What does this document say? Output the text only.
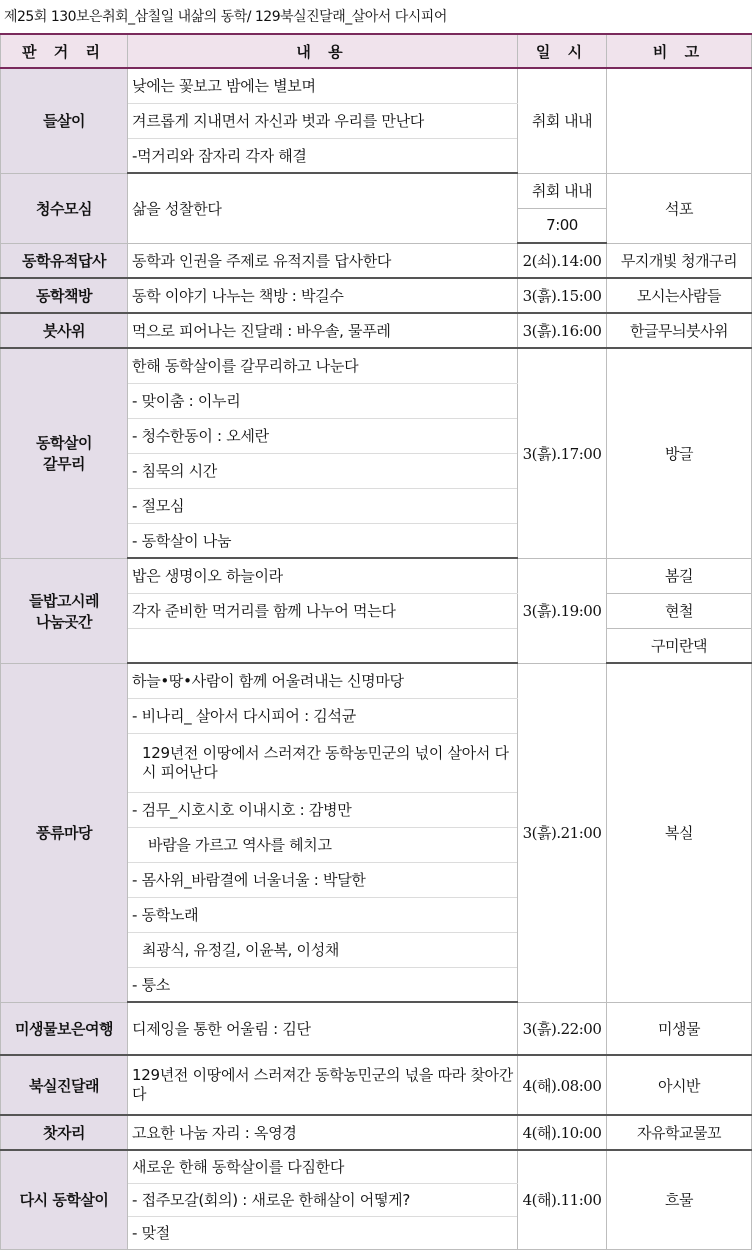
제25회 130보은취회_삼칠일 내삶의 동학/ 129북실진달래_살아서 다시피어
판 거 리	내 용	일 시	비 고
들살이	낮에는 꽃보고 밤에는 별보며	취회 내내	
	겨르롭게 지내면서 자신과 벗과 우리를 만난다		
	-먹거리와 잠자리 각자 해결		
청수모심	삶을 성찰한다	취회 내내	석포
		7:00	
동학유적답사	동학과 인권을 주제로 유적지를 답사한다	2(쇠).14:00	무지개빛 청개구리
동학책방	동학 이야기 나누는 책방 : 박길수	3(흙).15:00	모시는사람들
붓사위	먹으로 피어나는 진달래 : 바우솔, 물푸레	3(흙).16:00	한글무늬붓사위

동학살이
갈무리	한해 동학살이를 갈무리하고 나눈다	3(흙).17:00	방글
	- 맞이춤 : 이누리		
	- 청수한동이 : 오세란		
	- 침묵의 시간		
	- 절모심		
	- 동학살이 나눔		

들밥고시레
나눔곳간	밥은 생명이오 하늘이라	3(흙).19:00	봄길
	각자 준비한 먹거리를 함께 나누어 먹는다		현철
			구미란댁
풍류마당	하늘•땅•사람이 함께 어울려내는 신명마당	3(흙).21:00	복실
	- 비나리_ 살아서 다시피어 : 김석균		
	129년전 이땅에서 스러져간 동학농민군의 넋이 살아서 다시 피어난다		
	- 검무_시호시호 이내시호 : 감병만		
	바람을 가르고 역사를 헤치고		
	- 몸사위_바람결에 너울너울 : 박달한		
	- 동학노래		
	최광식, 유정길, 이윤복, 이성채		
	- 퉁소		
미생물보은여행	디제잉을 통한 어울림 : 김단	3(흙).22:00	미생물
북실진달래	129년전 이땅에서 스러져간 동학농민군의 넋을 따라 찾아간다	4(해).08:00	아시반
찻자리	고요한 나눔 자리 : 옥영경	4(해).10:00	자유학교물꼬
다시 동학살이	새로운 한해 동학살이를 다짐한다	4(해).11:00	흐물
	- 접주모갈(회의) : 새로운 한해살이 어떻게?		
	- 맞절		
